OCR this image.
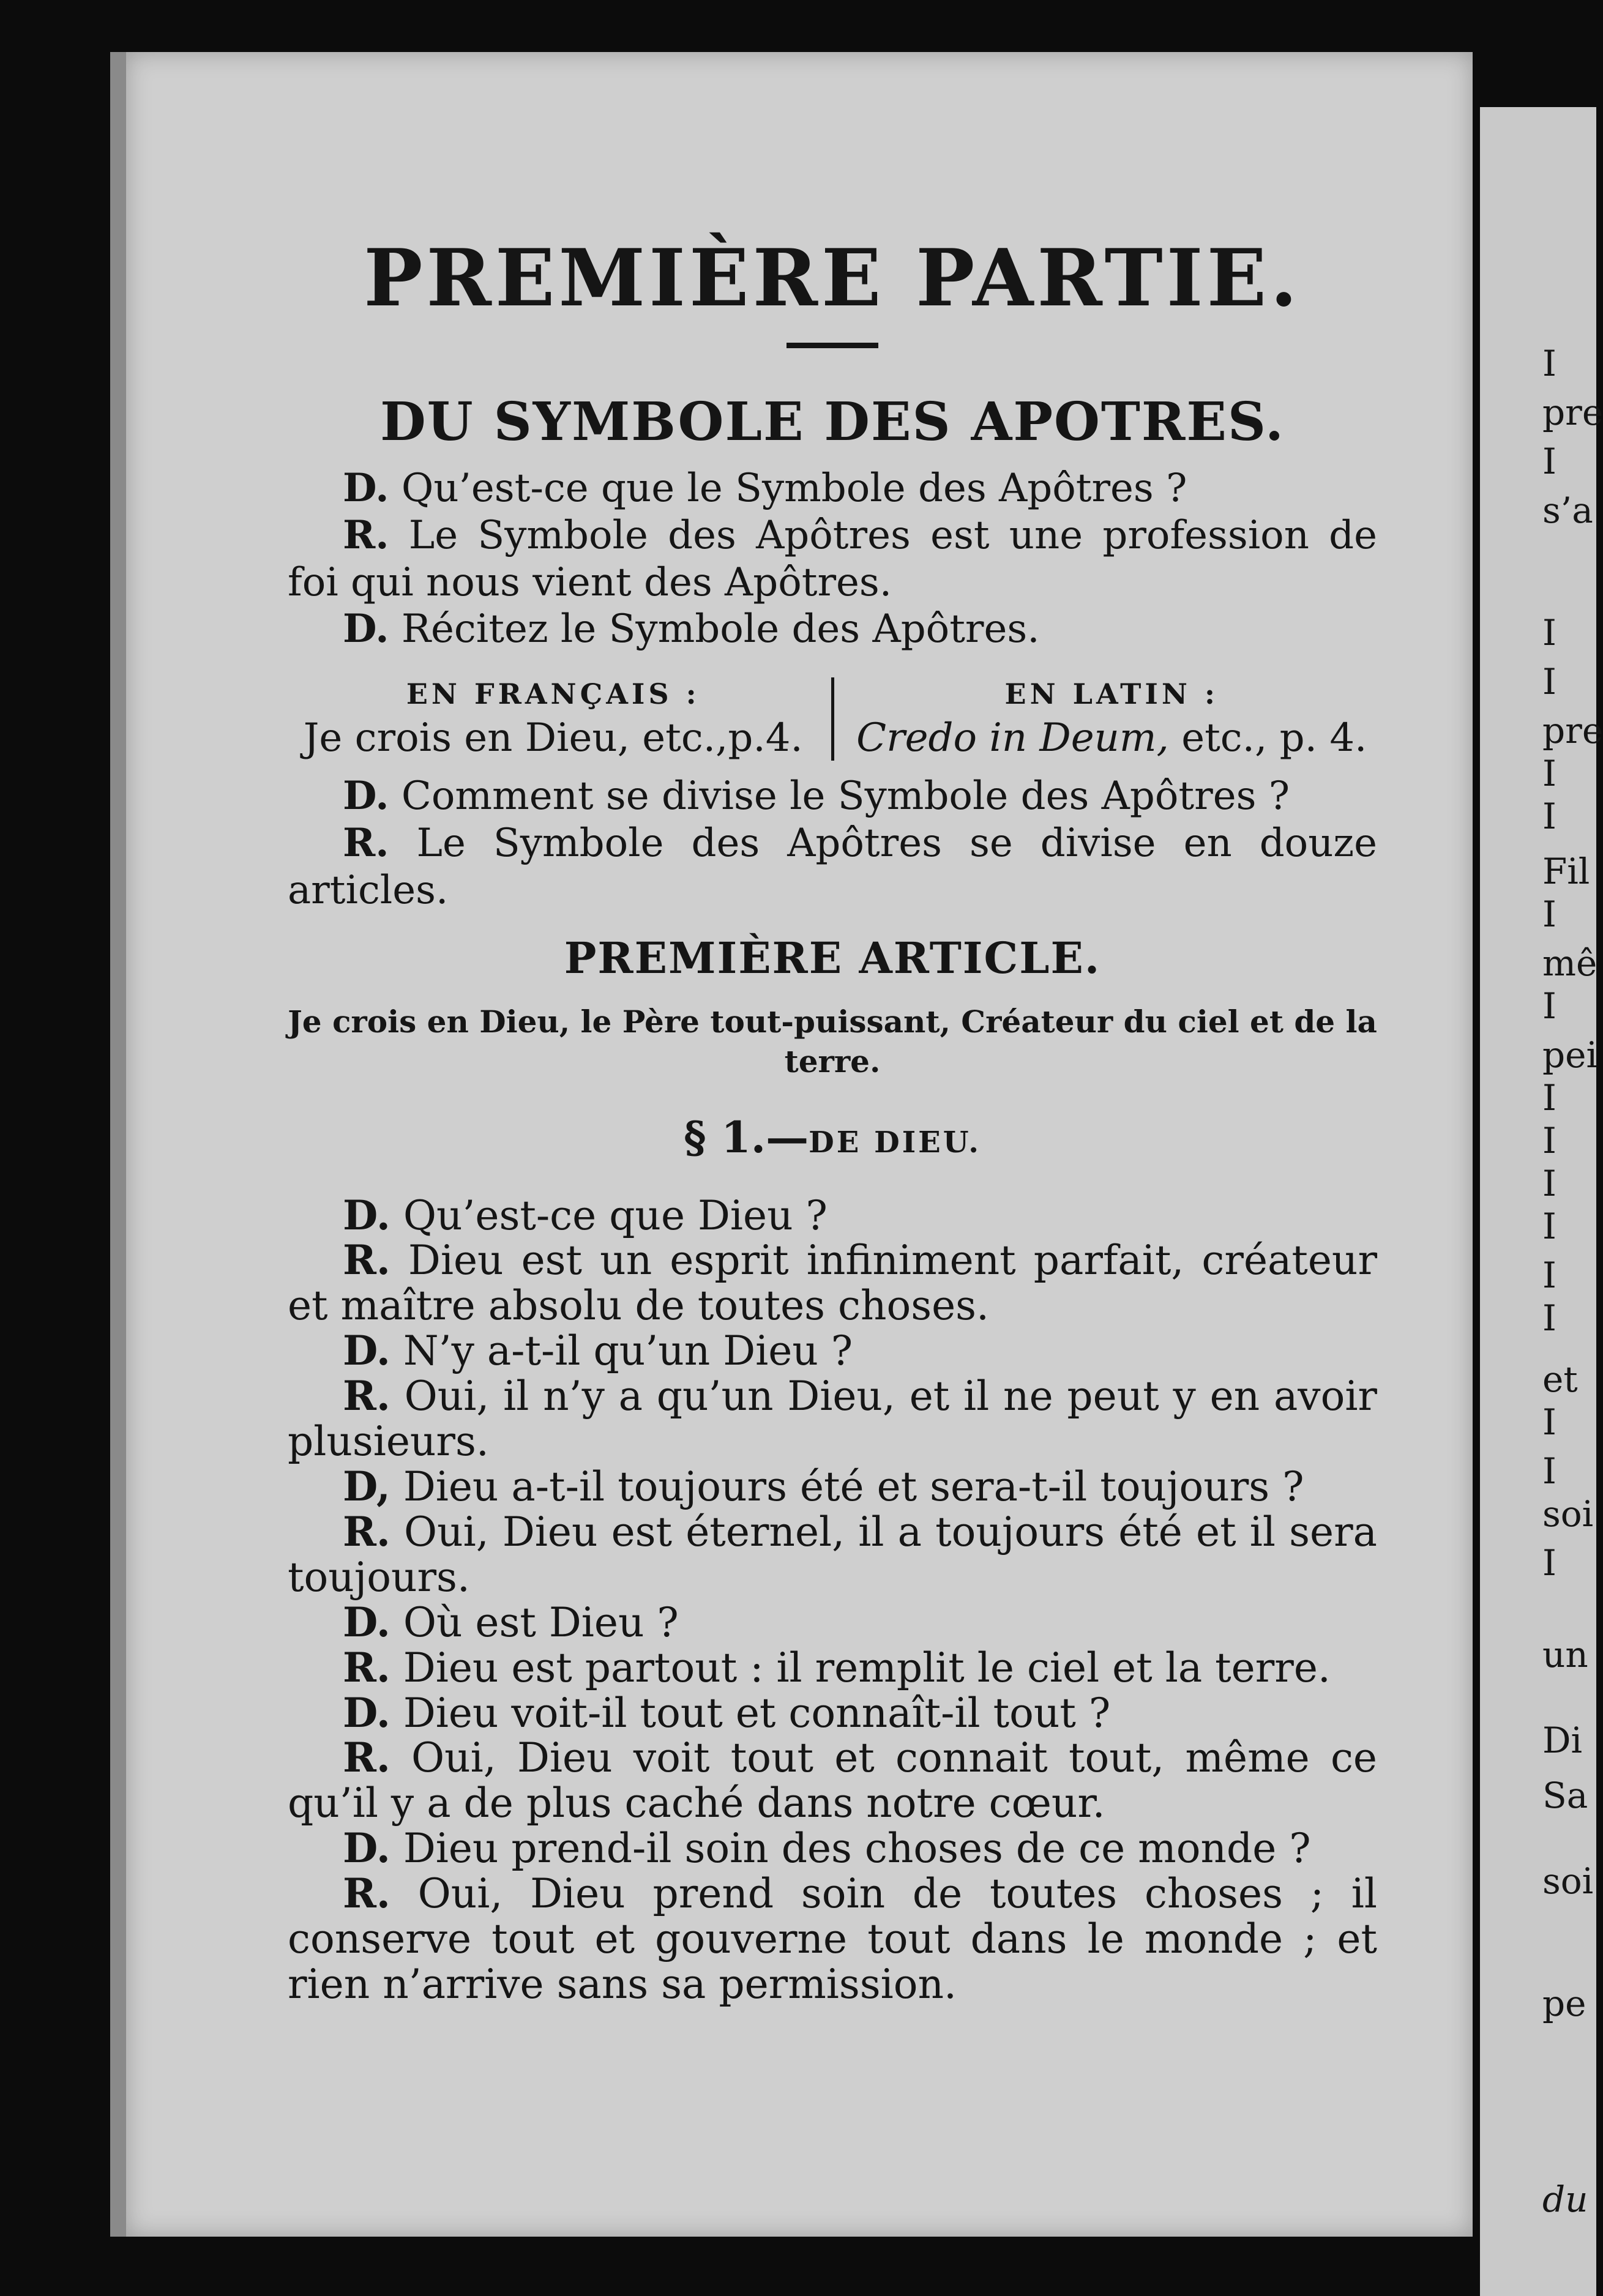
I
pre
I
s’a
I
I
pre
I
I
Fil
I
mê
I
pei
I
I
I
I
I
I
et
I
I
soi
I
un
Di
Sa
soi
pe
du
PREMIÈRE PARTIE.
DU SYMBOLE DES APOTRES.

D. Qu’est-ce que le Symbole des Apôtres ?

R. Le Symbole des Apôtres est une profession de foi qui nous vient des Apôtres.

D. Récitez le Symbole des Apôtres.

EN FRANÇAIS :
Je crois en Dieu, etc.,p.4.
EN LATIN :
Credo in Deum, etc., p. 4.

D. Comment se divise le Symbole des Apôtres ?

R. Le Symbole des Apôtres se divise en douze articles.

PREMIÈRE ARTICLE.
Je crois en Dieu, le Père tout-puissant, Créateur du ciel et de la terre.
§ 1.—DE DIEU.

D. Qu’est-ce que Dieu ?

R. Dieu est un esprit infiniment parfait, créateur et maître absolu de toutes choses.

D. N’y a-t-il qu’un Dieu ?

R. Oui, il n’y a qu’un Dieu, et il ne peut y en avoir plusieurs.

D, Dieu a-t-il toujours été et sera-t-il toujours ?

R. Oui, Dieu est éternel, il a toujours été et il sera toujours.

D. Où est Dieu ?

R. Dieu est partout : il remplit le ciel et la terre.

D. Dieu voit-il tout et connaît-il tout ?

R. Oui, Dieu voit tout et connait tout, même ce qu’il y a de plus caché dans notre cœur.

D. Dieu prend-il soin des choses de ce monde ?

R. Oui, Dieu prend soin de toutes choses ; il conserve tout et gouverne tout dans le monde ; et rien n’arrive sans sa permission.
